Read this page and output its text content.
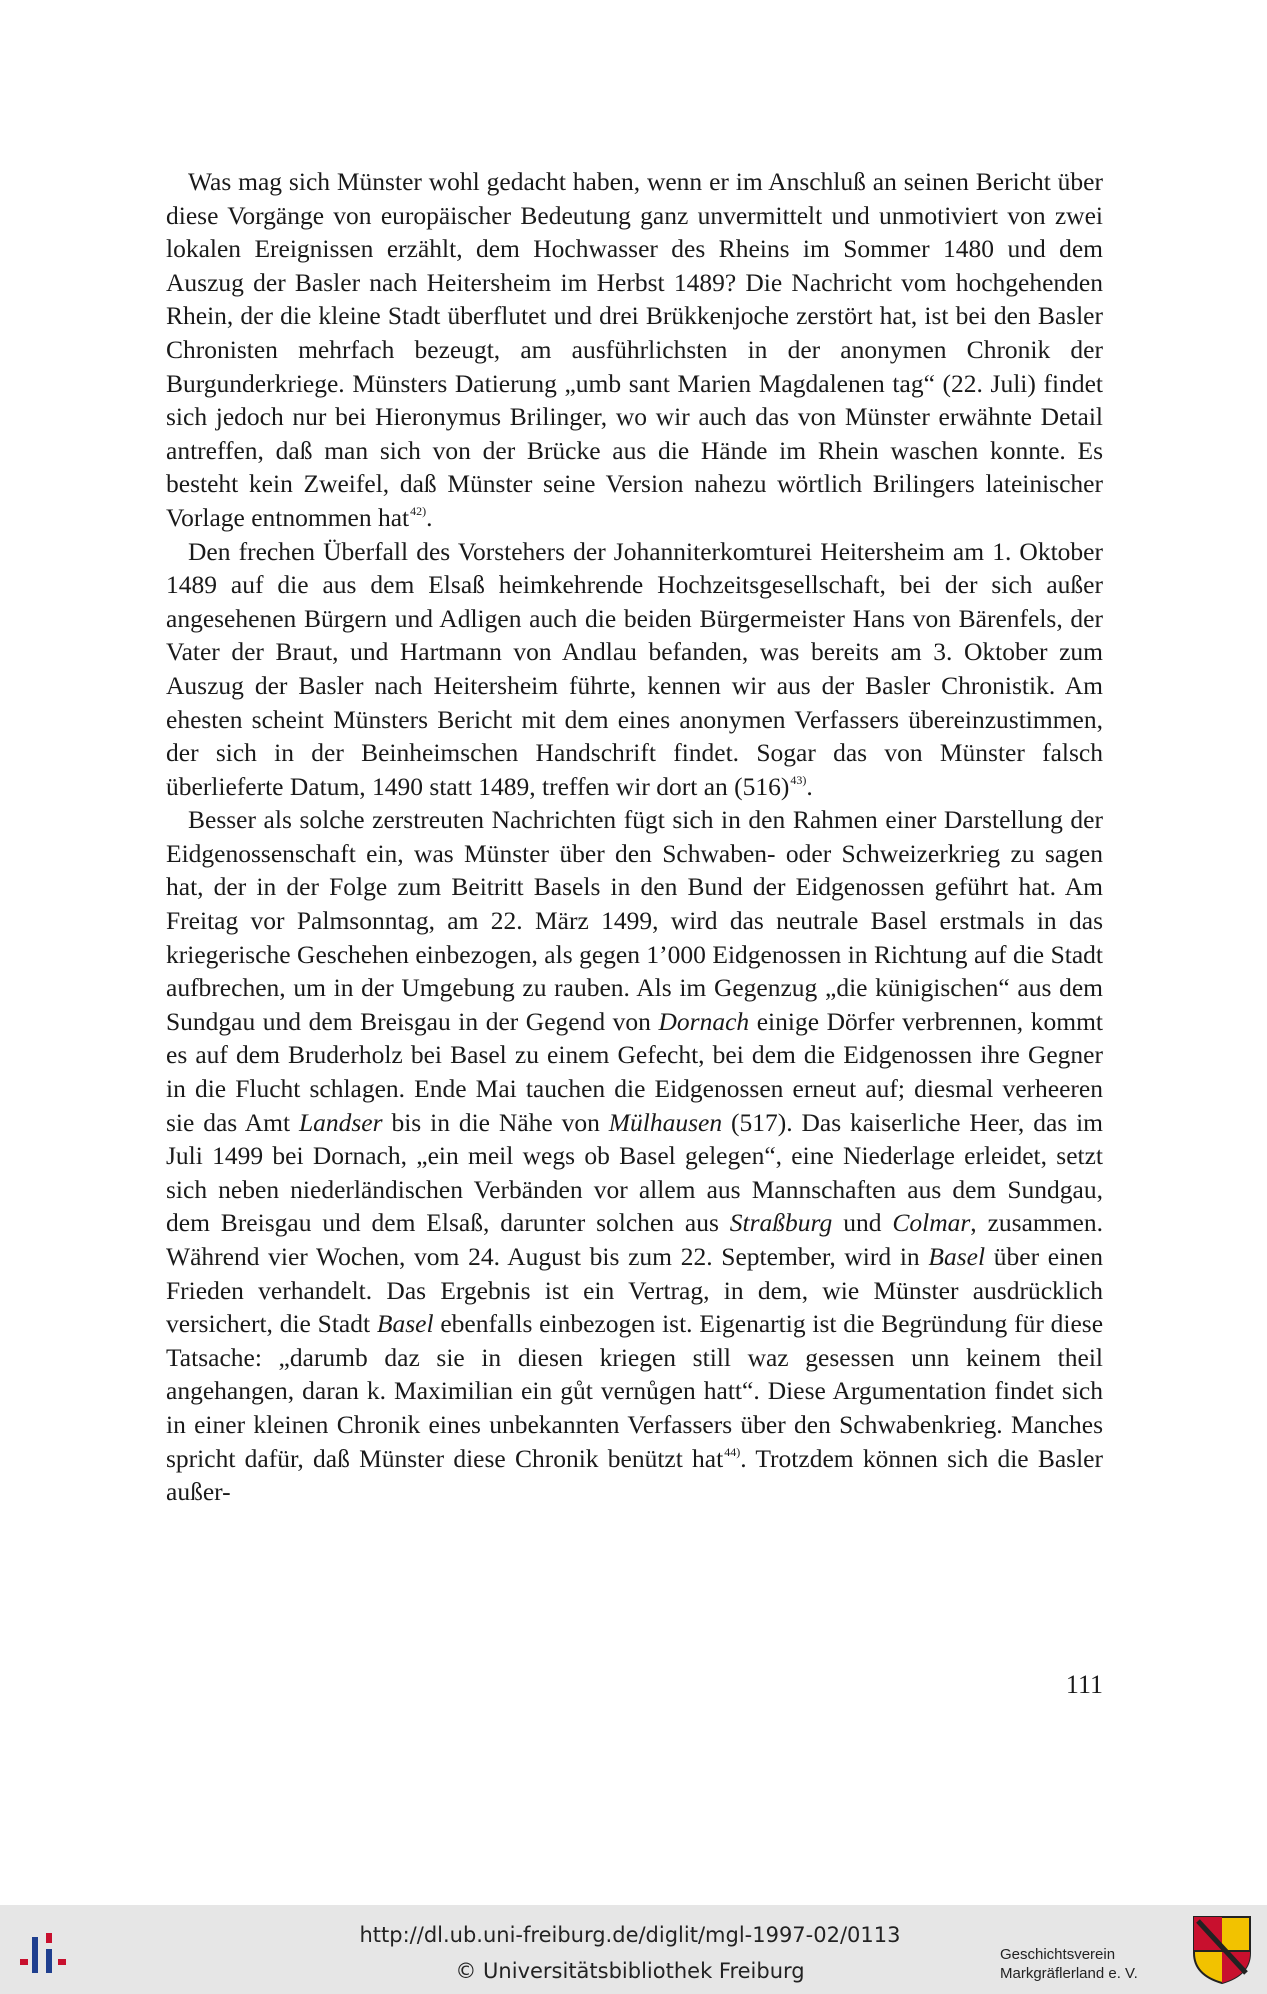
Was mag sich Münster wohl gedacht haben, wenn er im Anschluß an seinen Bericht über diese Vorgänge von europäischer Bedeutung ganz unvermittelt und unmotiviert von zwei lokalen Ereignissen erzählt, dem Hochwasser des Rheins im Sommer 1480 und dem Auszug der Basler nach Heitersheim im Herbst 1489? Die Nachricht vom hochgehenden Rhein, der die kleine Stadt überflutet und drei Brükkenjoche zerstört hat, ist bei den Basler Chronisten mehrfach bezeugt, am ausführlichsten in der anonymen Chronik der Burgunderkriege. Münsters Datierung „umb sant Marien Magdalenen tag“ (22. Juli) findet sich jedoch nur bei Hieronymus Brilinger, wo wir auch das von Münster erwähnte Detail antreffen, daß man sich von der Brücke aus die Hände im Rhein waschen konnte. Es besteht kein Zweifel, daß Münster seine Version nahezu wörtlich Brilingers lateinischer Vorlage entnommen hat$^{42)}$.

Den frechen Überfall des Vorstehers der Johanniterkomturei Heitersheim am 1. Oktober 1489 auf die aus dem Elsaß heimkehrende Hochzeitsgesellschaft, bei der sich außer angesehenen Bürgern und Adligen auch die beiden Bürgermeister Hans von Bärenfels, der Vater der Braut, und Hartmann von Andlau befanden, was bereits am 3. Oktober zum Auszug der Basler nach Heitersheim führte, kennen wir aus der Basler Chronistik. Am ehesten scheint Münsters Bericht mit dem eines anonymen Verfassers übereinzustimmen, der sich in der Beinheimschen Handschrift findet. Sogar das von Münster falsch überlieferte Datum, 1490 statt 1489, treffen wir dort an (516)$^{43)}$.

Besser als solche zerstreuten Nachrichten fügt sich in den Rahmen einer Darstellung der Eidgenossenschaft ein, was Münster über den Schwaben- oder Schweizerkrieg zu sagen hat, der in der Folge zum Beitritt Basels in den Bund der Eidgenossen geführt hat. Am Freitag vor Palmsonntag, am 22. März 1499, wird das neutrale Basel erstmals in das kriegerische Geschehen einbezogen, als gegen 1’000 Eidgenossen in Richtung auf die Stadt aufbrechen, um in der Umgebung zu rauben. Als im Gegenzug „die künigischen“ aus dem Sundgau und dem Breisgau in der Gegend von Dornach einige Dörfer verbrennen, kommt es auf dem Bruderholz bei Basel zu einem Gefecht, bei dem die Eidgenossen ihre Gegner in die Flucht schlagen. Ende Mai tauchen die Eidgenossen erneut auf; diesmal verheeren sie das Amt Landser bis in die Nähe von Mülhausen (517). Das kaiserliche Heer, das im Juli 1499 bei Dornach, „ein meil wegs ob Basel gelegen“, eine Niederlage erleidet, setzt sich neben niederländischen Verbänden vor allem aus Mannschaften aus dem Sundgau, dem Breisgau und dem Elsaß, darunter solchen aus Straßburg und Colmar, zusammen. Während vier Wochen, vom 24. August bis zum 22. September, wird in Basel über einen Frieden verhandelt. Das Ergebnis ist ein Vertrag, in dem, wie Münster ausdrücklich versichert, die Stadt Basel ebenfalls einbezogen ist. Eigenartig ist die Begründung für diese Tatsache: „darumb daz sie in diesen kriegen still waz gesessen unn keinem theil angehangen, daran k. Maximilian ein gůt vernůgen hatt“. Diese Argumentation findet sich in einer kleinen Chronik eines unbekannten Verfassers über den Schwabenkrieg. Manches spricht dafür, daß Münster diese Chronik benützt hat$^{44)}$. Trotzdem können sich die Basler außer-

111
http://dl.ub.uni-freiburg.de/diglit/mgl-1997-02/0113
© Universitätsbibliothek Freiburg
Geschichtsverein
Markgräflerland e. V.
